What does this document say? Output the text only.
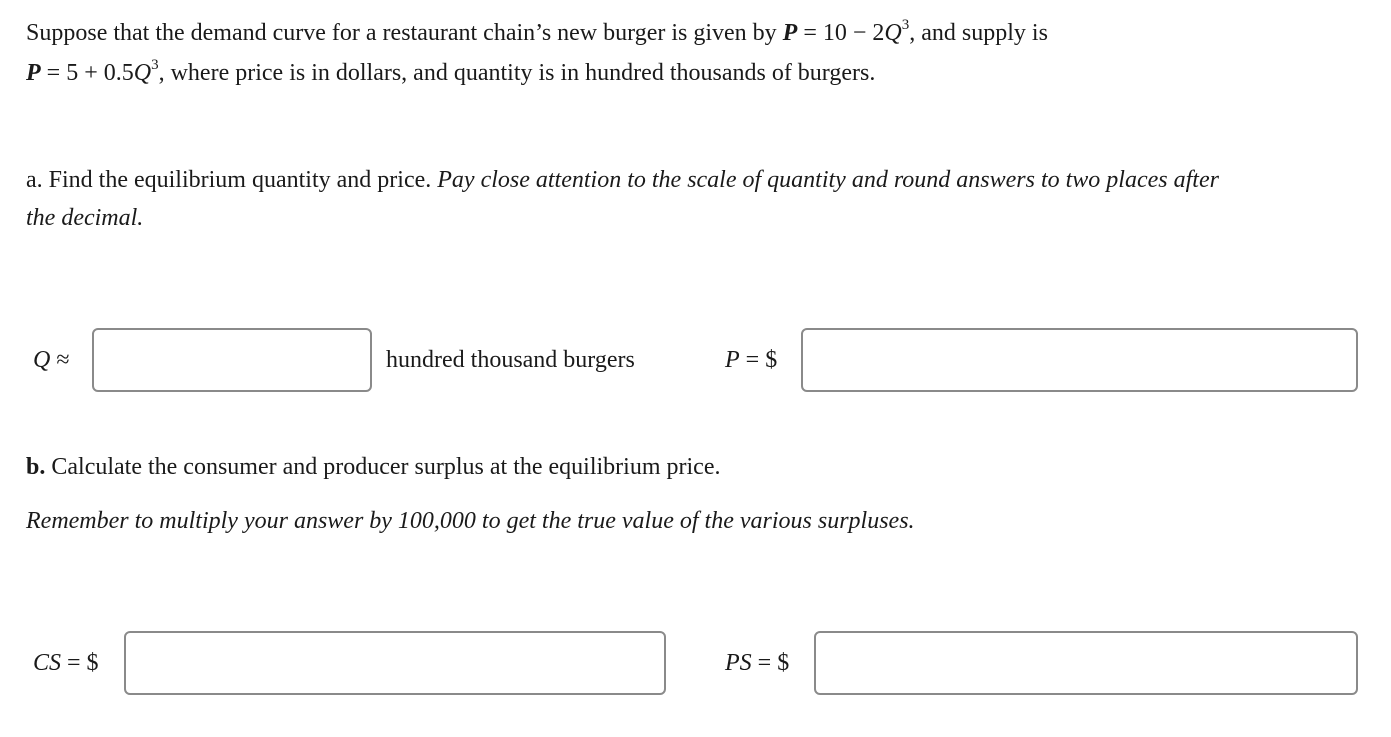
Suppose that the demand curve for a restaurant chain’s new burger is given by $P = 10 - 2Q^3$, and supply is
$P = 5 + 0.5Q^3$, where price is in dollars, and quantity is in hundred thousands of burgers.
a. Find the equilibrium quantity and price. Pay close attention to the scale of quantity and round answers to two places after
the decimal.
Q ≈	hundred thousand burgers	P = $
b. Calculate the consumer and producer surplus at the equilibrium price.
Remember to multiply your answer by 100,000 to get the true value of the various surpluses.
CS = $	PS = $
